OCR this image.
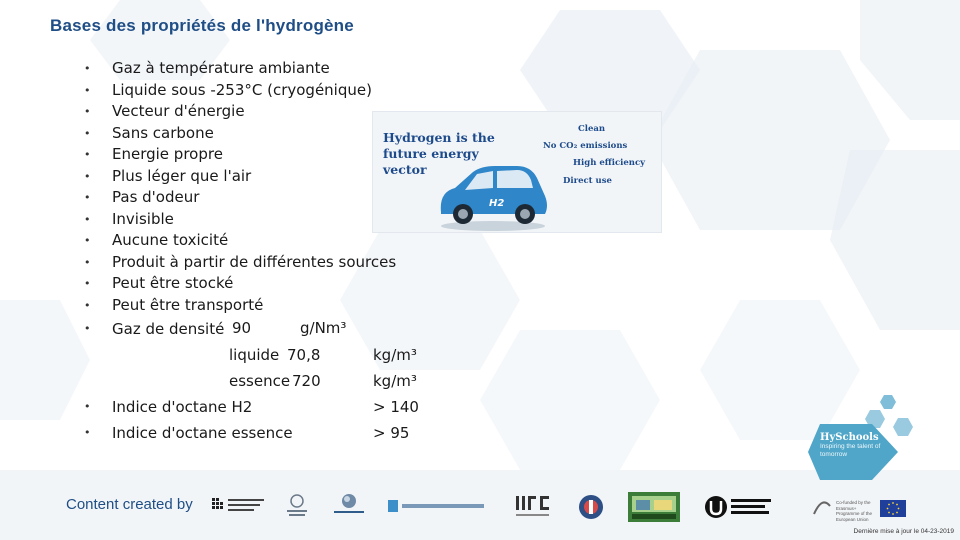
Bases des propriétés de l'hydrogène
• Gaz à température ambiante
• Liquide sous -253°C (cryogénique)
• Vecteur d'énergie
• Sans carbone
• Energie propre
• Plus léger que l'air
• Pas d'odeur
• Invisible
• Aucune toxicité
• Produit à partir de différentes sources
• Peut être stocké
• Peut être transporté
• Gaz de densité 90	g/Nm³
liquide 70,8	kg/m³
essence 720	kg/m³
• Indice d'octane H2	> 140
• Indice d'octane essence	> 95
Hydrogen is the future energy vector
Clean
No CO₂ emissions
High efficiency
Direct use
H2
Content created by
HySchools
Inspiring the talent of tomorrow
Co-funded by the Erasmus+ Programme of the European Union
Dernière mise à jour le 04-23-2019
